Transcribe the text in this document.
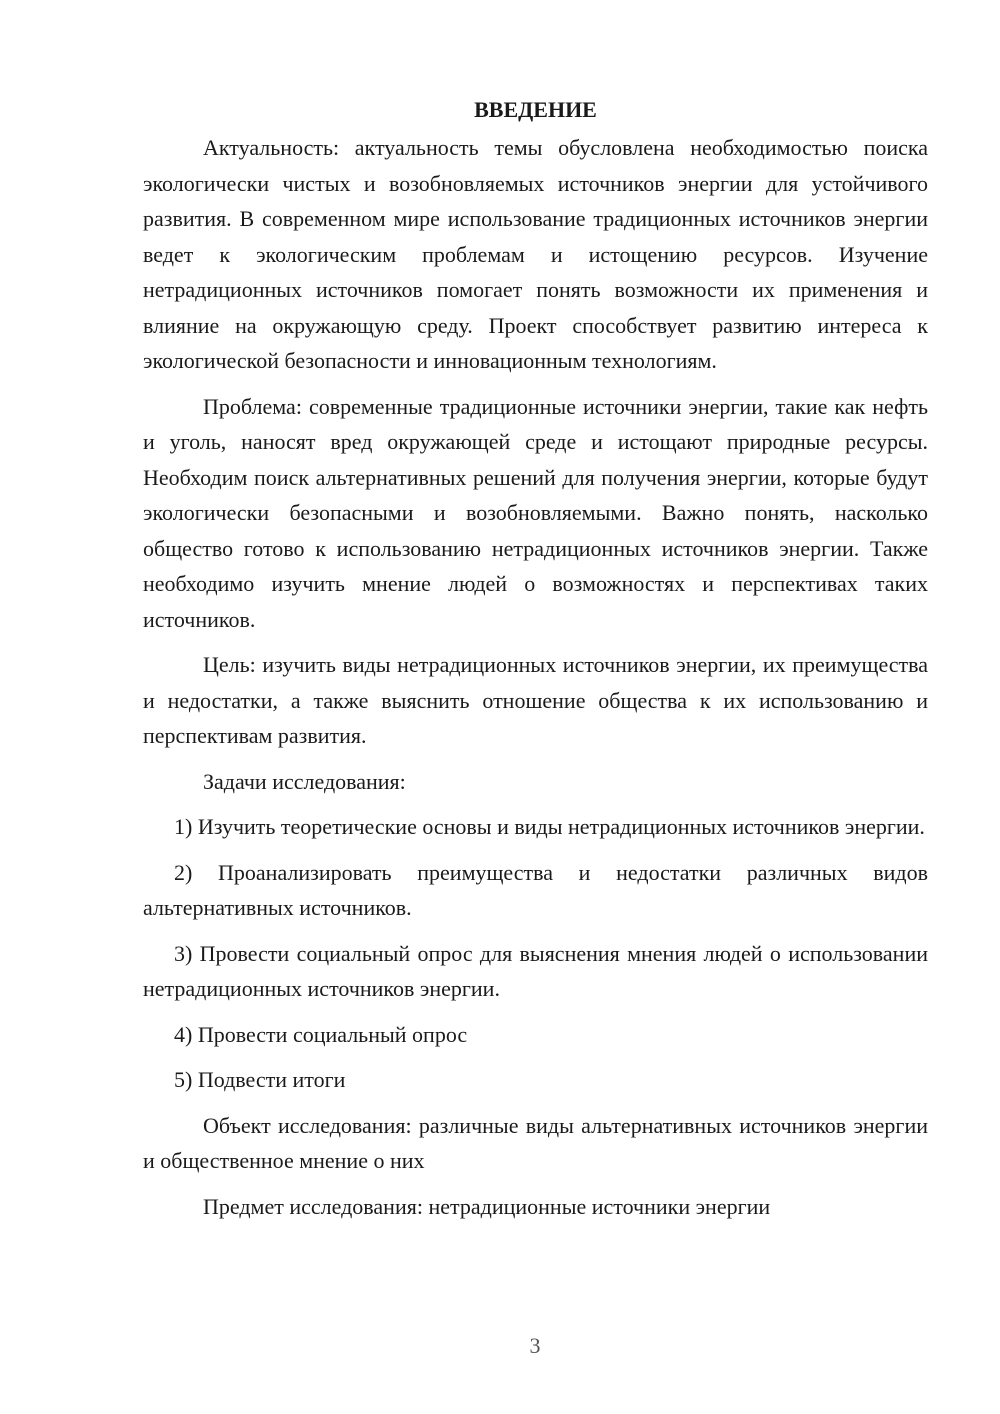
ВВЕДЕНИЕ

Актуальность: актуальность темы обусловлена необходимостью поиска экологически чистых и возобновляемых источников энергии для устойчивого развития. В современном мире использование традиционных источников энергии ведет к экологическим проблемам и истощению ресурсов. Изучение нетрадиционных источников помогает понять возможности их применения и влияние на окружающую среду. Проект способствует развитию интереса к экологической безопасности и инновационным технологиям.

Проблема: современные традиционные источники энергии, такие как нефть и уголь, наносят вред окружающей среде и истощают природные ресурсы. Необходим поиск альтернативных решений для получения энергии, которые будут экологически безопасными и возобновляемыми. Важно понять, насколько общество готово к использованию нетрадиционных источников энергии. Также необходимо изучить мнение людей о возможностях и перспективах таких источников.

Цель: изучить виды нетрадиционных источников энергии, их преимущества и недостатки, а также выяснить отношение общества к их использованию и перспективам развития.

Задачи исследования:

1) Изучить теоретические основы и виды нетрадиционных источников энергии.

2) Проанализировать преимущества и недостатки различных видов альтернативных источников.

3) Провести социальный опрос для выяснения мнения людей о использовании нетрадиционных источников энергии.

4) Провести социальный опрос

5) Подвести итоги

Объект исследования: различные виды альтернативных источников энергии и общественное мнение о них

Предмет исследования: нетрадиционные источники энергии

3
